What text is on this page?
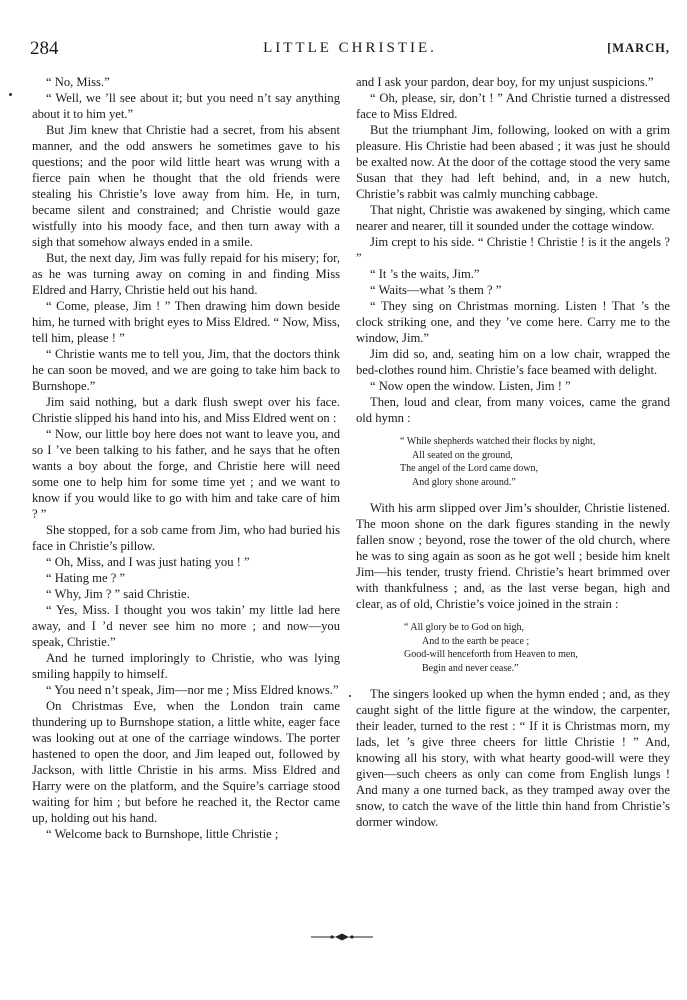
284	LITTLE CHRISTIE.	[MARCH,

“ No, Miss.”

“ Well, we ’ll see about it; but you need n’t say anything about it to him yet.”

But Jim knew that Christie had a secret, from his absent manner, and the odd answers he sometimes gave to his questions; and the poor wild little heart was wrung with a fierce pain when he thought that the old friends were stealing his Christie’s love away from him. He, in turn, became silent and constrained; and Christie would gaze wistfully into his moody face, and then turn away with a sigh that somehow always ended in a smile.

But, the next day, Jim was fully repaid for his misery; for, as he was turning away on coming in and finding Miss Eldred and Harry, Christie held out his hand.

“ Come, please, Jim ! ” Then drawing him down beside him, he turned with bright eyes to Miss Eldred. “ Now, Miss, tell him, please ! ”

“ Christie wants me to tell you, Jim, that the doctors think he can soon be moved, and we are going to take him back to Burnshope.”

Jim said nothing, but a dark flush swept over his face. Christie slipped his hand into his, and Miss Eldred went on :

“ Now, our little boy here does not want to leave you, and so I ’ve been talking to his father, and he says that he often wants a boy about the forge, and Christie here will need some one to help him for some time yet ; and we want to know if you would like to go with him and take care of him ? ”

She stopped, for a sob came from Jim, who had buried his face in Christie’s pillow.

“ Oh, Miss, and I was just hating you ! ”

“ Hating me ? ”

“ Why, Jim ? ” said Christie.

“ Yes, Miss. I thought you wos takin’ my little lad here away, and I ’d never see him no more ; and now—you speak, Christie.”

And he turned imploringly to Christie, who was lying smiling happily to himself.

“ You need n’t speak, Jim—nor me ; Miss Eldred knows.”

On Christmas Eve, when the London train came thundering up to Burnshope station, a little white, eager face was looking out at one of the carriage windows. The porter hastened to open the door, and Jim leaped out, followed by Jackson, with little Christie in his arms. Miss Eldred and Harry were on the platform, and the Squire’s carriage stood waiting for him ; but before he reached it, the Rector came up, holding out his hand.

“ Welcome back to Burnshope, little Christie ;

and I ask your pardon, dear boy, for my unjust suspicions.”

“ Oh, please, sir, don’t ! ” And Christie turned a distressed face to Miss Eldred.

But the triumphant Jim, following, looked on with a grim pleasure. His Christie had been abased ; it was just he should be exalted now. At the door of the cottage stood the very same Susan that they had left behind, and, in a new hutch, Christie’s rabbit was calmly munching cabbage.

That night, Christie was awakened by singing, which came nearer and nearer, till it sounded under the cottage window.

Jim crept to his side. “ Christie ! Christie ! is it the angels ? ”

“ It ’s the waits, Jim.”

“ Waits—what ’s them ? ”

“ They sing on Christmas morning. Listen ! That ’s the clock striking one, and they ’ve come here. Carry me to the window, Jim.”

Jim did so, and, seating him on a low chair, wrapped the bed-clothes round him. Christie’s face beamed with delight.

“ Now open the window. Listen, Jim ! ”

Then, loud and clear, from many voices, came the grand old hymn :

“ While shepherds watched their flocks by night,
All seated on the ground,
The angel of the Lord came down,
And glory shone around.”

With his arm slipped over Jim’s shoulder, Christie listened. The moon shone on the dark figures standing in the newly fallen snow ; beyond, rose the tower of the old church, where he was to sing again as soon as he got well ; beside him knelt Jim—his tender, trusty friend. Christie’s heart brimmed over with thankfulness ; and, as the last verse began, high and clear, as of old, Christie’s voice joined in the strain :

“ All glory be to God on high,
And to the earth be peace ;
Good-will henceforth from Heaven to men,
Begin and never cease.”

The singers looked up when the hymn ended ; and, as they caught sight of the little figure at the window, the carpenter, their leader, turned to the rest : “ If it is Christmas morn, my lads, let ’s give three cheers for little Christie ! ” And, knowing all his story, with what hearty good-will were they given—such cheers as only can come from English lungs ! And many a one turned back, as they tramped away over the snow, to catch the wave of the little thin hand from Christie’s dormer window.
